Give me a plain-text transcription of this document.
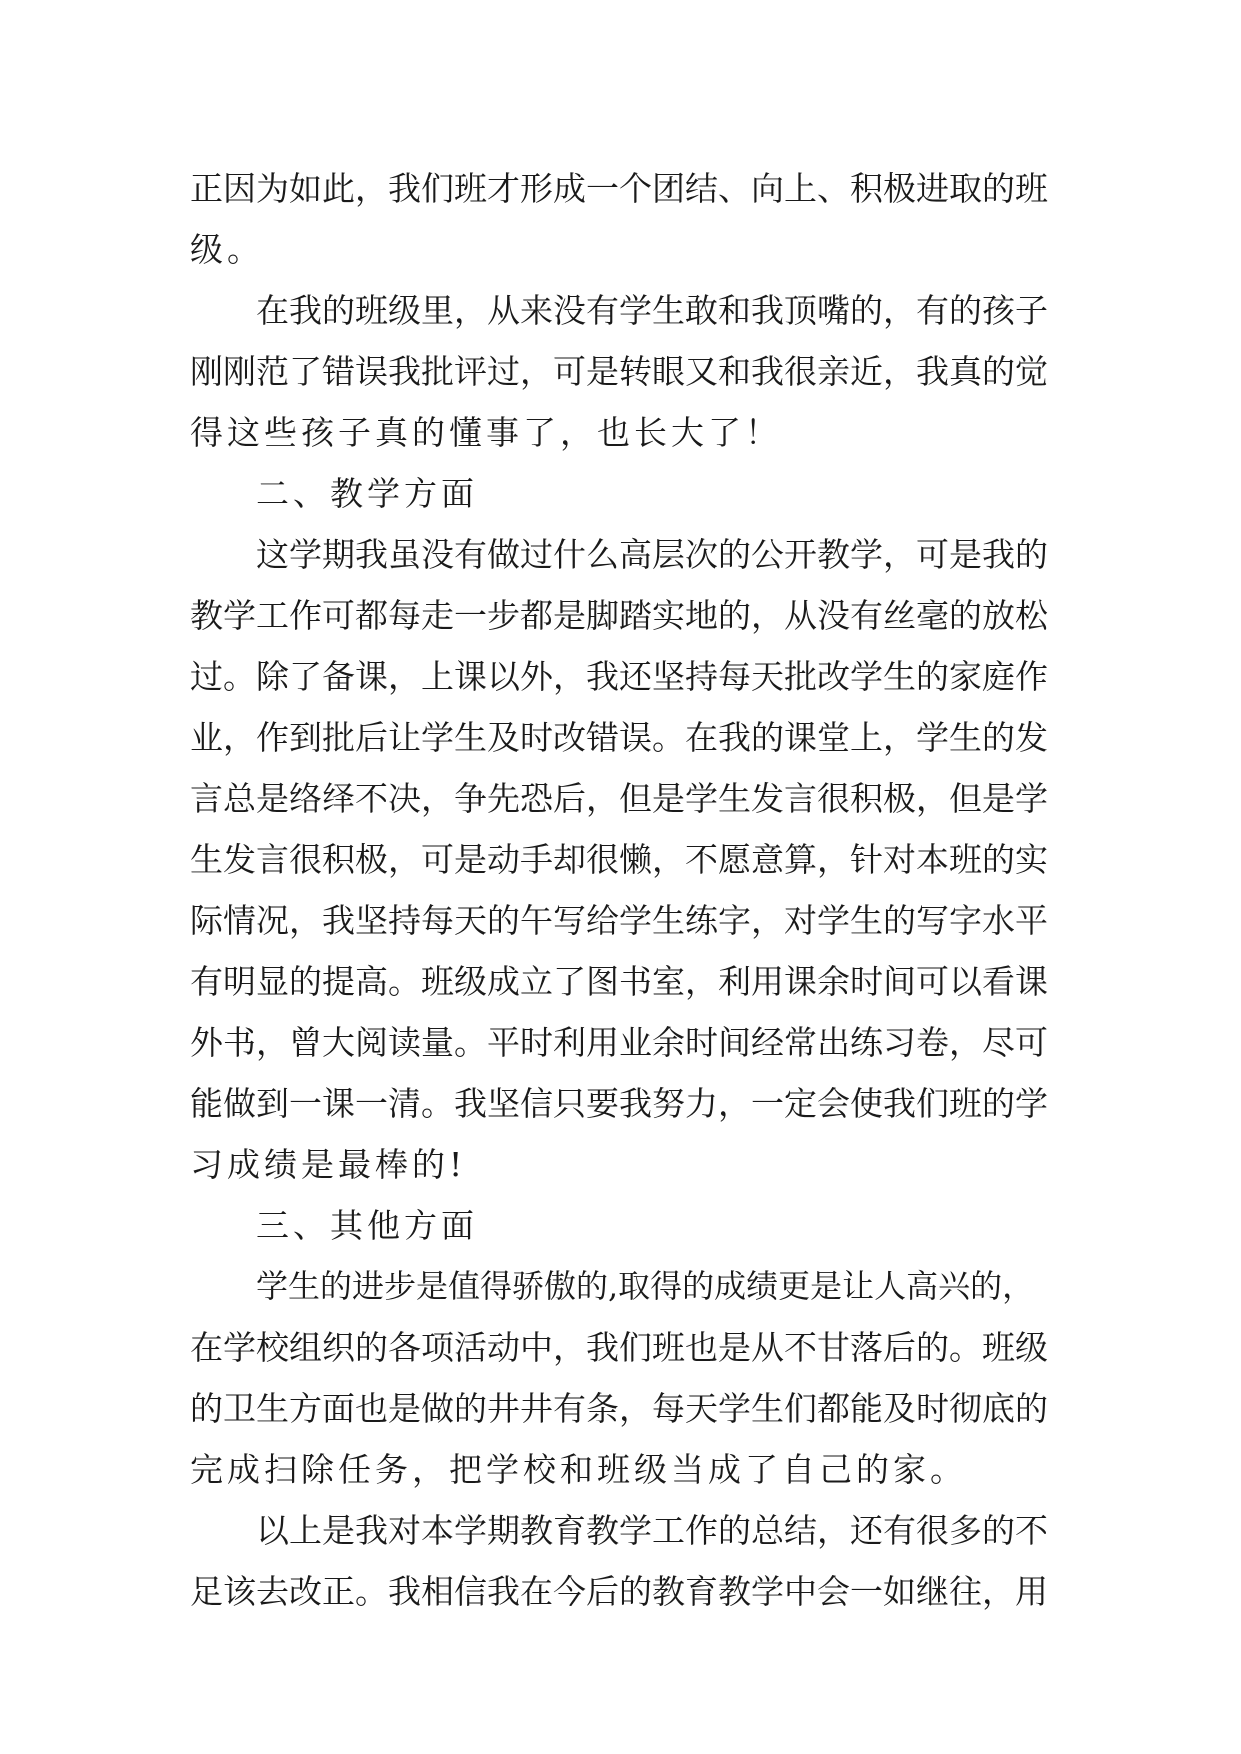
正因为如此，我们班才形成一个团结、向上、积极进取的班
级。
在我的班级里，从来没有学生敢和我顶嘴的，有的孩子
刚刚范了错误我批评过，可是转眼又和我很亲近，我真的觉
得这些孩子真的懂事了，也长大了！
二、教学方面
这学期我虽没有做过什么高层次的公开教学，可是我的
教学工作可都每走一步都是脚踏实地的，从没有丝毫的放松
过。除了备课，上课以外，我还坚持每天批改学生的家庭作
业，作到批后让学生及时改错误。在我的课堂上，学生的发
言总是络绎不决，争先恐后，但是学生发言很积极，但是学
生发言很积极，可是动手却很懒，不愿意算，针对本班的实
际情况，我坚持每天的午写给学生练字，对学生的写字水平
有明显的提高。班级成立了图书室，利用课余时间可以看课
外书，曾大阅读量。平时利用业余时间经常出练习卷，尽可
能做到一课一清。我坚信只要我努力，一定会使我们班的学
习成绩是最棒的!
三、其他方面
学生的进步是值得骄傲的,取得的成绩更是让人高兴的，
在学校组织的各项活动中，我们班也是从不甘落后的。班级
的卫生方面也是做的井井有条，每天学生们都能及时彻底的
完成扫除任务，把学校和班级当成了自己的家。
以上是我对本学期教育教学工作的总结，还有很多的不
足该去改正。我相信我在今后的教育教学中会一如继往，用
